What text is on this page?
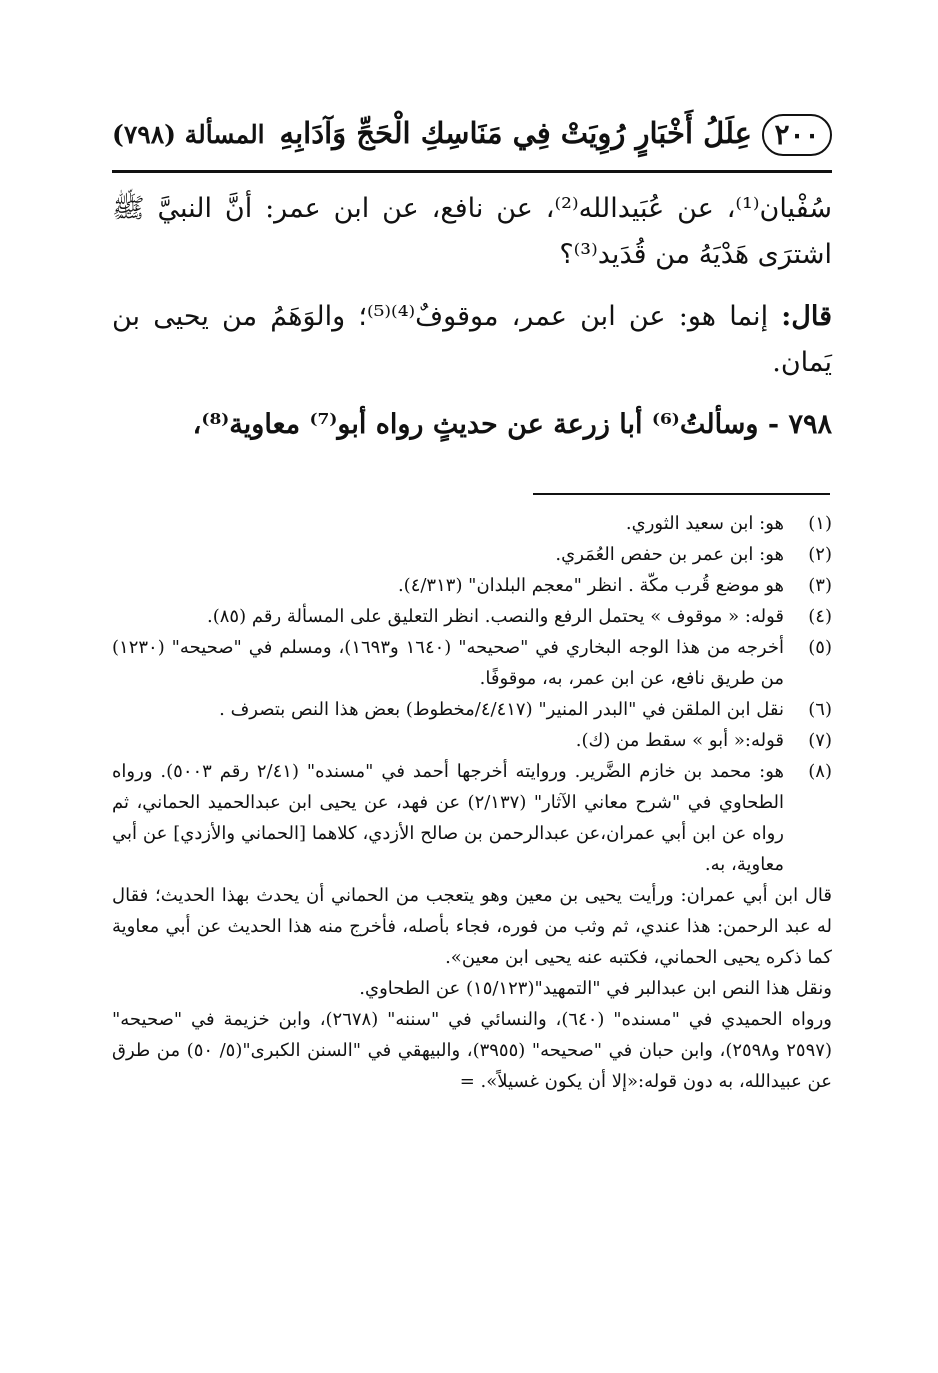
٢٠٠
عِلَلُ أَخْبَارٍ رُوِيَتْ فِي مَنَاسِكِ الْحَجِّ وَآدَابِهِ
المسألة (٧٩٨)

سُفْيان⁽¹⁾، عن عُبَيدالله⁽²⁾، عن نافع، عن ابن عمر: أنَّ النبيَّ ﷺ اشترَى هَدْيَهُ من قُدَيد⁽³⁾؟

قال: إنما هو: عن ابن عمر، موقوفٌ⁽⁴⁾⁽⁵⁾؛ والوَهَمُ من يحيى بن يَمان.

٧٩٨ - وسألتُ⁽⁶⁾ أبا زرعة عن حديثٍ رواه أبو⁽⁷⁾ معاوية⁽⁸⁾،

(١)
هو: ابن سعيد الثوري.
(٢)
هو: ابن عمر بن حفص العُمَري.
(٣)
هو موضع قُرب مكّة . انظر "معجم البلدان" (٤/٣١٣).
(٤)
قوله: « موقوف » يحتمل الرفع والنصب. انظر التعليق على المسألة رقم (٨٥).
(٥)
أخرجه من هذا الوجه البخاري في "صحيحه" (١٦٤٠ و١٦٩٣)، ومسلم في "صحيحه" (١٢٣٠) من طريق نافع، عن ابن عمر، به، موقوفًا.
(٦)
نقل ابن الملقن في "البدر المنير" (٤/٤١٧/مخطوط) بعض هذا النص بتصرف .
(٧)
قوله:« أبو » سقط من (ك).
(٨)
هو: محمد بن خازم الضَّرير. وروايته أخرجها أحمد في "مسنده" (٢/٤١ رقم ٥٠٠٣). ورواه الطحاوي في "شرح معاني الآثار" (٢/١٣٧) عن فهد، عن يحيى ابن عبدالحميد الحماني، ثم رواه عن ابن أبي عمران،عن عبدالرحمن بن صالح الأزدي، كلاهما [الحماني والأزدي] عن أبي معاوية، به.

قال ابن أبي عمران: ورأيت يحيى بن معين وهو يتعجب من الحماني أن يحدث بهذا الحديث؛ فقال له عبد الرحمن: هذا عندي، ثم وثب من فوره، فجاء بأصله، فأخرج منه هذا الحديث عن أبي معاوية كما ذكره يحيى الحماني، فكتبه عنه يحيى ابن معين».

ونقل هذا النص ابن عبدالبر في "التمهيد"(١٥/١٢٣) عن الطحاوي.

ورواه الحميدي في "مسنده" (٦٤٠)، والنسائي في "سننه" (٢٦٧٨)، وابن خزيمة في "صحيحه" (٢٥٩٧ و٢٥٩٨)، وابن حبان في "صحيحه" (٣٩٥٥)، والبيهقي في "السنن الكبرى"(٥/ ٥٠) من طرق عن عبيدالله، به دون قوله:«إلا أن يكون غسيلاً». =
